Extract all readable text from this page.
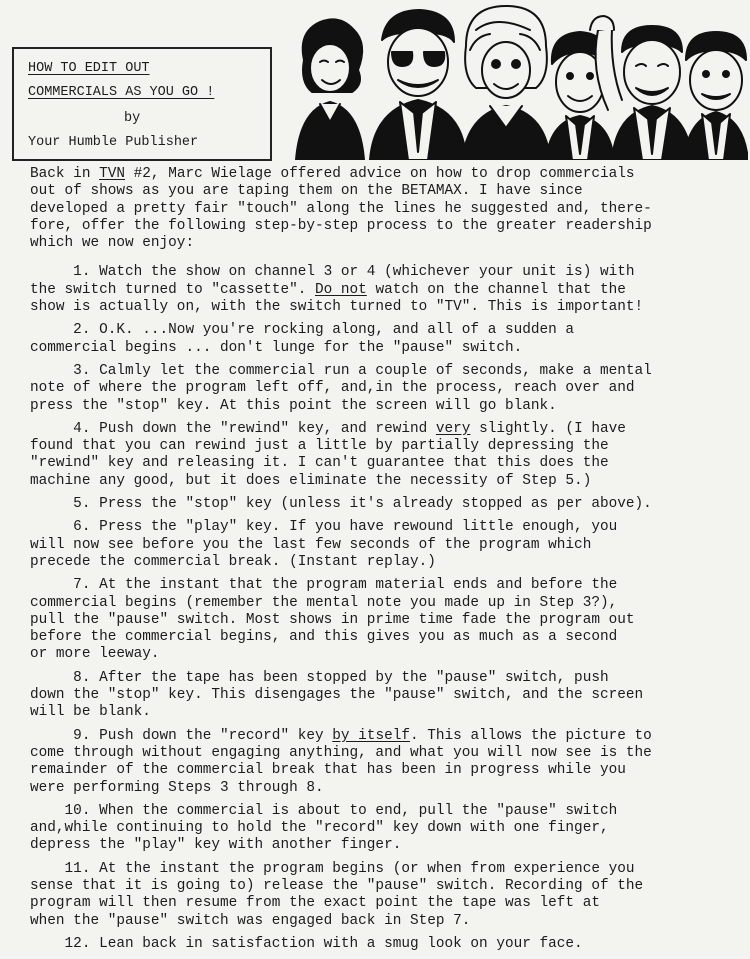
HOW TO EDIT OUT
COMMERCIALS AS YOU GO !
by
Your Humble Publisher
Back in TVN #2, Marc Wielage offered advice on how to drop commercials
out of shows as you are taping them on the BETAMAX. I have since
developed a pretty fair "touch" along the lines he suggested and, there-
fore, offer the following step-by-step process to the greater readership
which we now enjoy:
1. Watch the show on channel 3 or 4 (whichever your unit is) with
the switch turned to "cassette". Do not watch on the channel that the
show is actually on, with the switch turned to "TV". This is important!
2. O.K. ...Now you're rocking along, and all of a sudden a
commercial begins ... don't lunge for the "pause" switch.
3. Calmly let the commercial run a couple of seconds, make a mental
note of where the program left off, and,in the process, reach over and
press the "stop" key. At this point the screen will go blank.
4. Push down the "rewind" key, and rewind very slightly. (I have
found that you can rewind just a little by partially depressing the
"rewind" key and releasing it. I can't guarantee that this does the
machine any good, but it does eliminate the necessity of Step 5.)
5. Press the "stop" key (unless it's already stopped as per above).
6. Press the "play" key. If you have rewound little enough, you
will now see before you the last few seconds of the program which
precede the commercial break. (Instant replay.)
7. At the instant that the program material ends and before the
commercial begins (remember the mental note you made up in Step 3?),
pull the "pause" switch. Most shows in prime time fade the program out
before the commercial begins, and this gives you as much as a second
or more leeway.
8. After the tape has been stopped by the "pause" switch, push
down the "stop" key. This disengages the "pause" switch, and the screen
will be blank.
9. Push down the "record" key by itself. This allows the picture to
come through without engaging anything, and what you will now see is the
remainder of the commercial break that has been in progress while you
were performing Steps 3 through 8.
10. When the commercial is about to end, pull the "pause" switch
and,while continuing to hold the "record" key down with one finger,
depress the "play" key with another finger.
11. At the instant the program begins (or when from experience you
sense that it is going to) release the "pause" switch. Recording of the
program will then resume from the exact point the tape was left at
when the "pause" switch was engaged back in Step 7.
12. Lean back in satisfaction with a smug look on your face.
